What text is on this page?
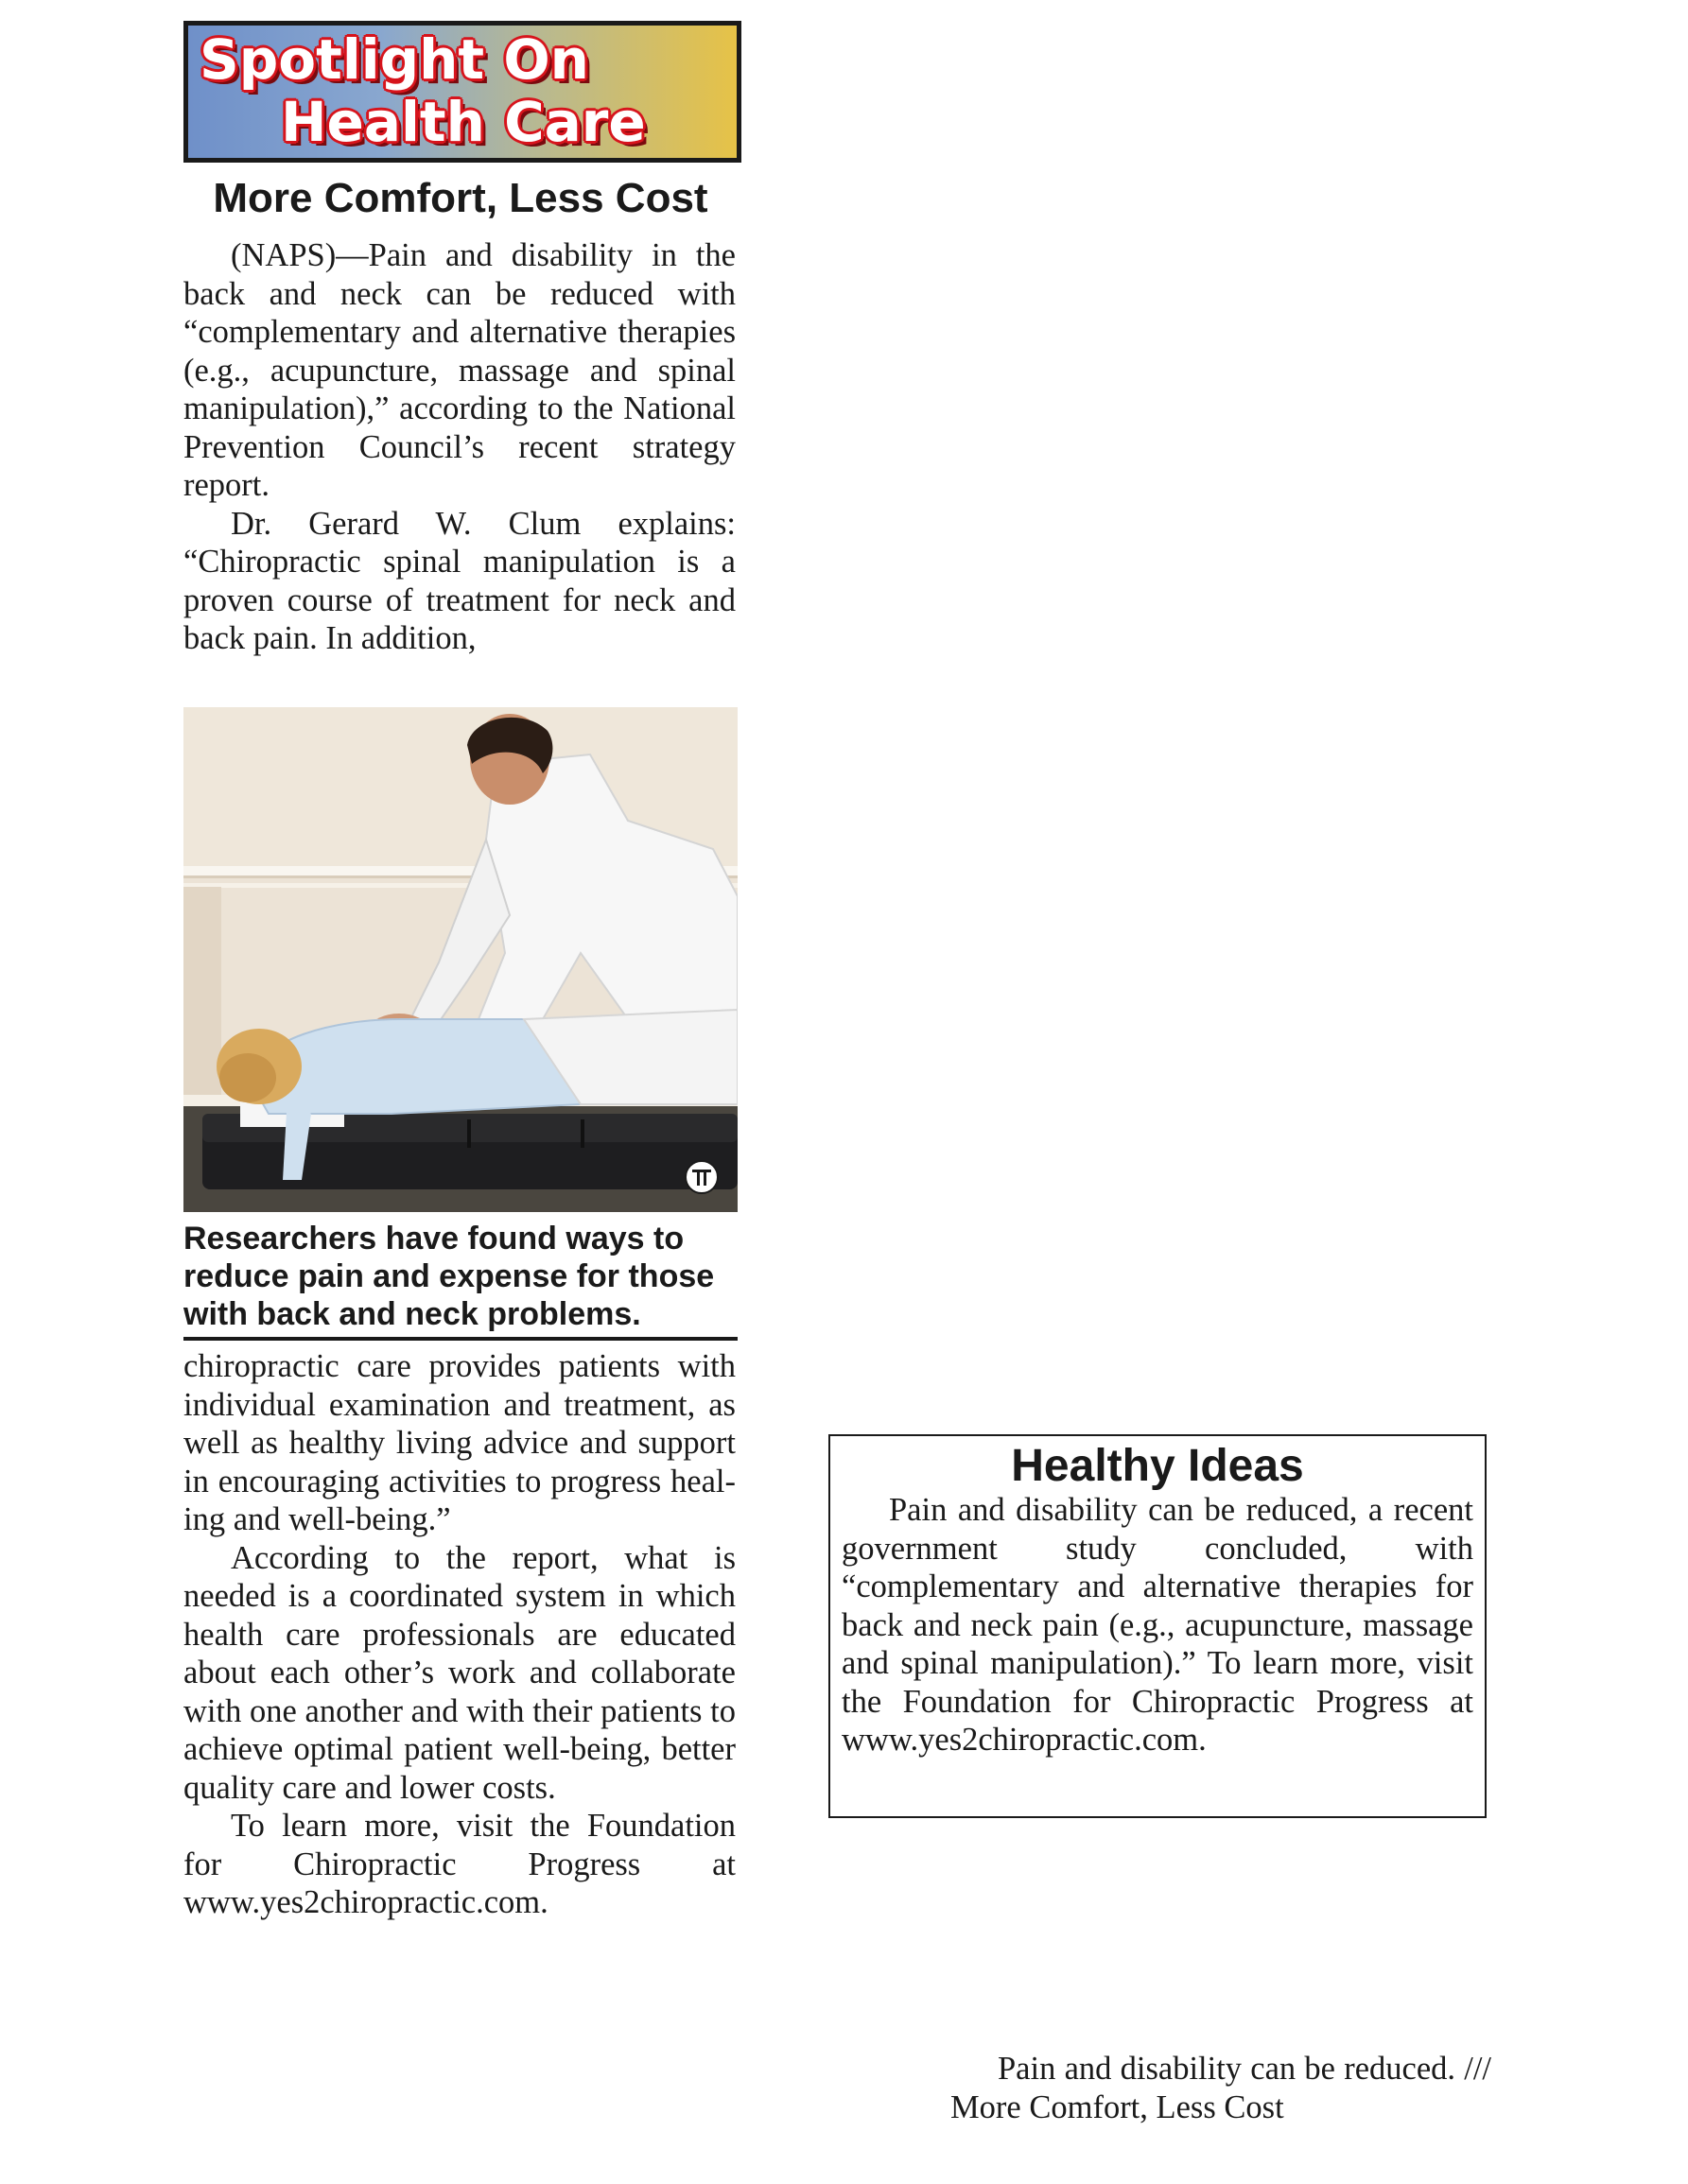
Spotlight On
Health Care
More Comfort, Less Cost

(NAPS)—Pain and disability in the back and neck can be reduced with “complementary and alternative therapies (e.g., acupuncture, massage and spinal manipulation),” according to the National Prevention Council’s recent strategy report.

Dr. Gerard W. Clum explains: “Chiropractic spinal manipulation is a proven course of treatment for neck and back pain. In addition,

Researchers have found ways to reduce pain and expense for those with back and neck problems.

chiropractic care provides patients with individual examination and treatment, as well as healthy living advice and support in encouraging activities to progress healing and well-being.”

According to the report, what is needed is a coordinated system in which health care professionals are educated about each other’s work and collaborate with one another and with their patients to achieve optimal patient well-being, better quality care and lower costs.

To learn more, visit the Foundation for Chiropractic Progress at www.yes2chiropractic.com.

Healthy Ideas

Pain and disability can be reduced, a recent government study concluded, with “complementary and alternative therapies for back and neck pain (e.g., acupuncture, massage and spinal manipulation).” To learn more, visit the Foundation for Chiropractic Progress at www.yes2chiropractic.com.

Pain and disability can be reduced. /// More Comfort, Less Cost
